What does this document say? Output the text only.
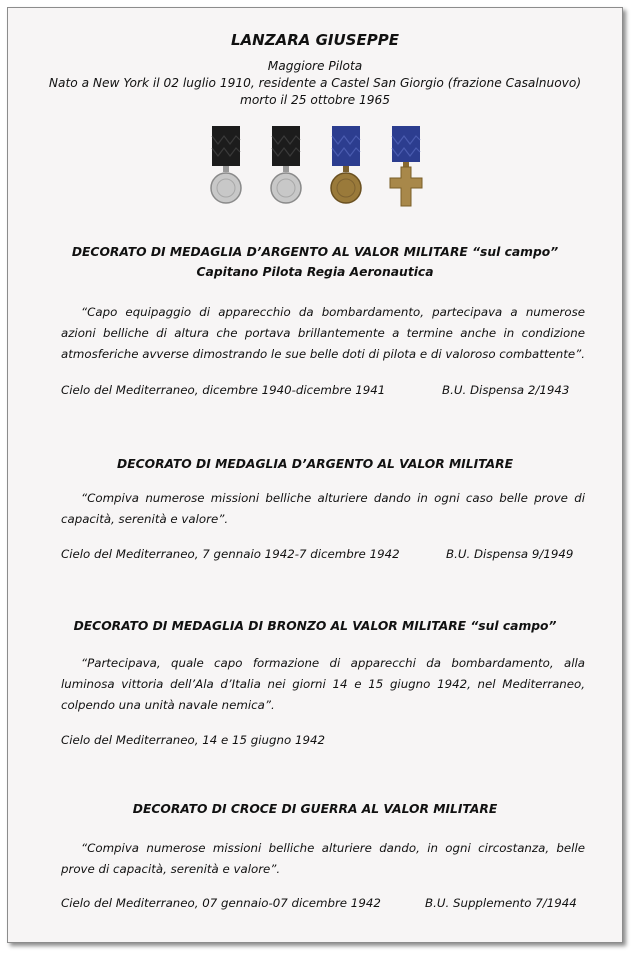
LANZARA GIUSEPPE
Maggiore Pilota
Nato a New York il 02 luglio 1910, residente a Castel San Giorgio (frazione Casalnuovo)
morto il 25 ottobre 1965
DECORATO DI MEDAGLIA D’ARGENTO AL VALOR MILITARE “sul campo”
Capitano Pilota Regia Aeronautica

“Capo equipaggio di apparecchio da bombardamento, partecipava a numerose azioni belliche di altura che portava brillantemente a termine anche in condizione atmosferiche avverse dimostrando le sue belle doti di pilota e di valoroso combattente”.

Cielo del Mediterraneo, dicembre 1940-dicembre 1941	B.U. Dispensa 2/1943
DECORATO DI MEDAGLIA D’ARGENTO AL VALOR MILITARE

“Compiva numerose missioni belliche alturiere dando in ogni caso belle prove di capacità, serenità e valore”.

Cielo del Mediterraneo, 7 gennaio 1942-7 dicembre 1942	B.U. Dispensa 9/1949
DECORATO DI MEDAGLIA DI BRONZO AL VALOR MILITARE “sul campo”

“Partecipava, quale capo formazione di apparecchi da bombardamento, alla luminosa vittoria dell’Ala d’Italia nei giorni 14 e 15 giugno 1942, nel Mediterraneo, colpendo una unità navale nemica”.

Cielo del Mediterraneo, 14 e 15 giugno 1942
DECORATO DI CROCE DI GUERRA AL VALOR MILITARE

“Compiva numerose missioni belliche alturiere dando, in ogni circostanza, belle prove di capacità, serenità e valore”.

Cielo del Mediterraneo, 07 gennaio-07 dicembre 1942	B.U. Supplemento 7/1944
